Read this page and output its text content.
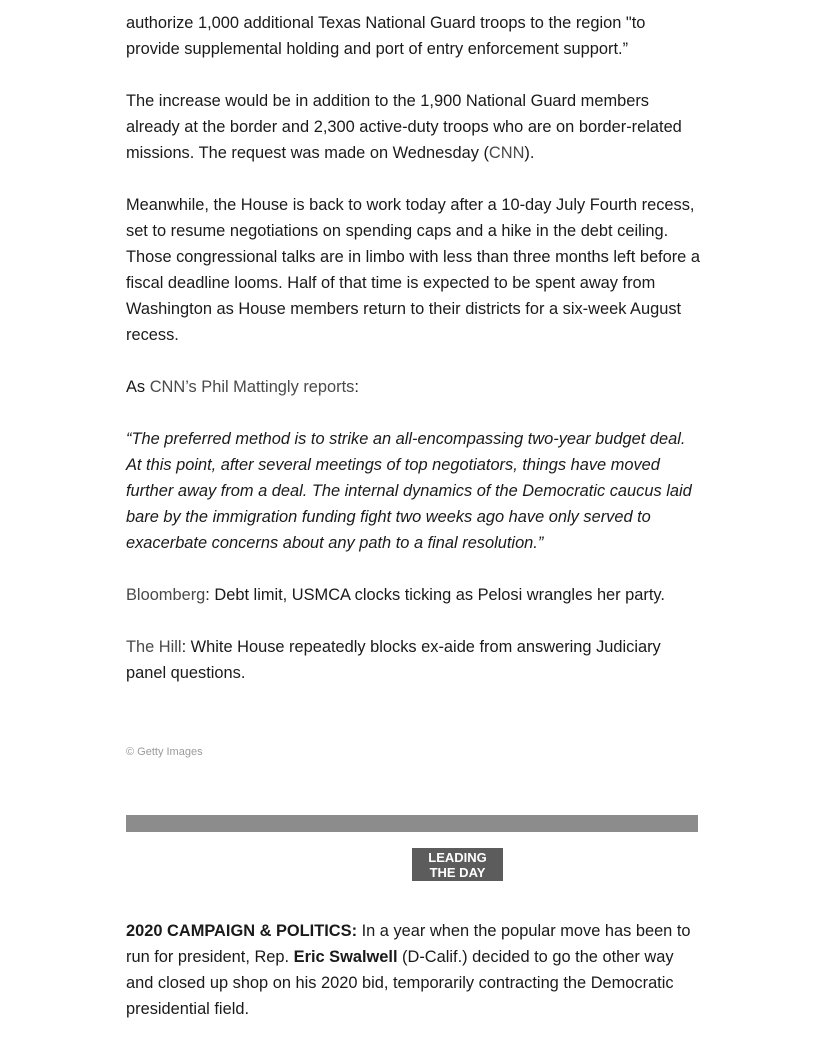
authorize 1,000 additional Texas National Guard troops to the region "to provide supplemental holding and port of entry enforcement support.”

The increase would be in addition to the 1,900 National Guard members already at the border and 2,300 active-duty troops who are on border-related missions. The request was made on Wednesday (CNN).

Meanwhile, the House is back to work today after a 10-day July Fourth recess, set to resume negotiations on spending caps and a hike in the debt ceiling. Those congressional talks are in limbo with less than three months left before a fiscal deadline looms. Half of that time is expected to be spent away from Washington as House members return to their districts for a six-week August recess.

As CNN’s Phil Mattingly reports:

“The preferred method is to strike an all-encompassing two-year budget deal. At this point, after several meetings of top negotiators, things have moved further away from a deal. The internal dynamics of the Democratic caucus laid bare by the immigration funding fight two weeks ago have only served to exacerbate concerns about any path to a final resolution.”

Bloomberg: Debt limit, USMCA clocks ticking as Pelosi wrangles her party.

The Hill: White House repeatedly blocks ex-aide from answering Judiciary panel questions.

© Getty Images
LEADING
THE DAY

2020 CAMPAIGN & POLITICS: In a year when the popular move has been to run for president, Rep. Eric Swalwell (D-Calif.) decided to go the other way and closed up shop on his 2020 bid, temporarily contracting the Democratic presidential field.
